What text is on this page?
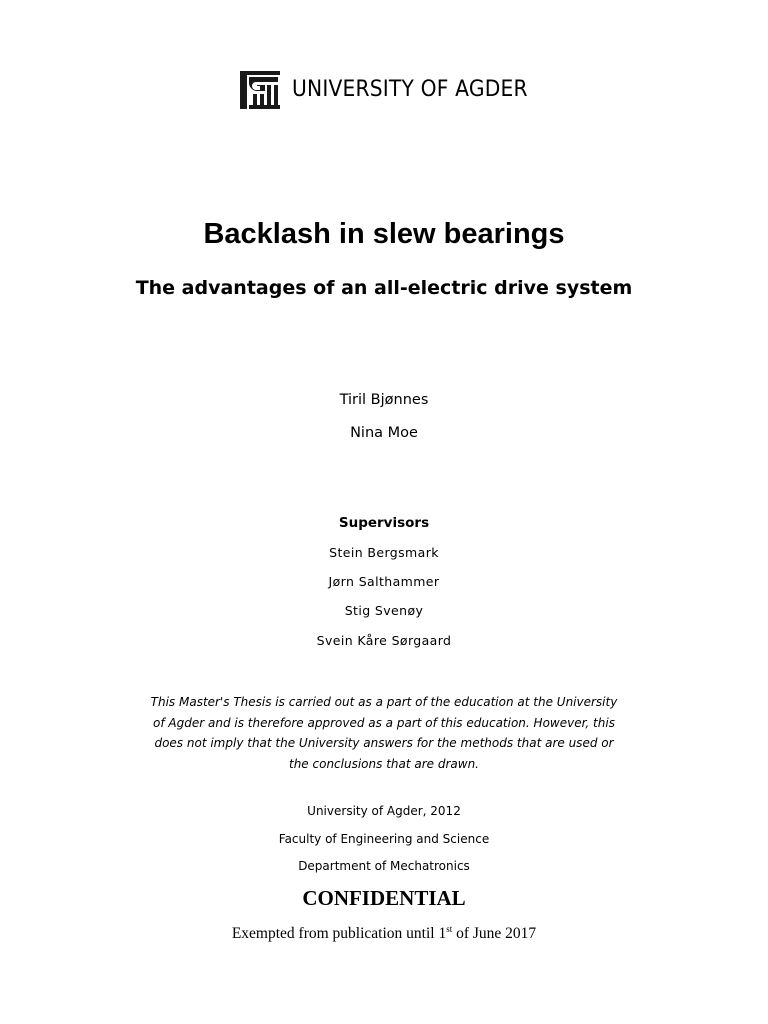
UNIVERSITY OF AGDER
Backlash in slew bearings
The advantages of an all-electric drive system
Tiril Bjønnes
Nina Moe
Supervisors
Stein Bergsmark
Jørn Salthammer
Stig Svenøy
Svein Kåre Sørgaard
This Master's Thesis is carried out as a part of the education at the University
of Agder and is therefore approved as a part of this education. However, this
does not imply that the University answers for the methods that are used or
the conclusions that are drawn.
University of Agder, 2012
Faculty of Engineering and Science
Department of Mechatronics
CONFIDENTIAL
Exempted from publication until 1st of June 2017
